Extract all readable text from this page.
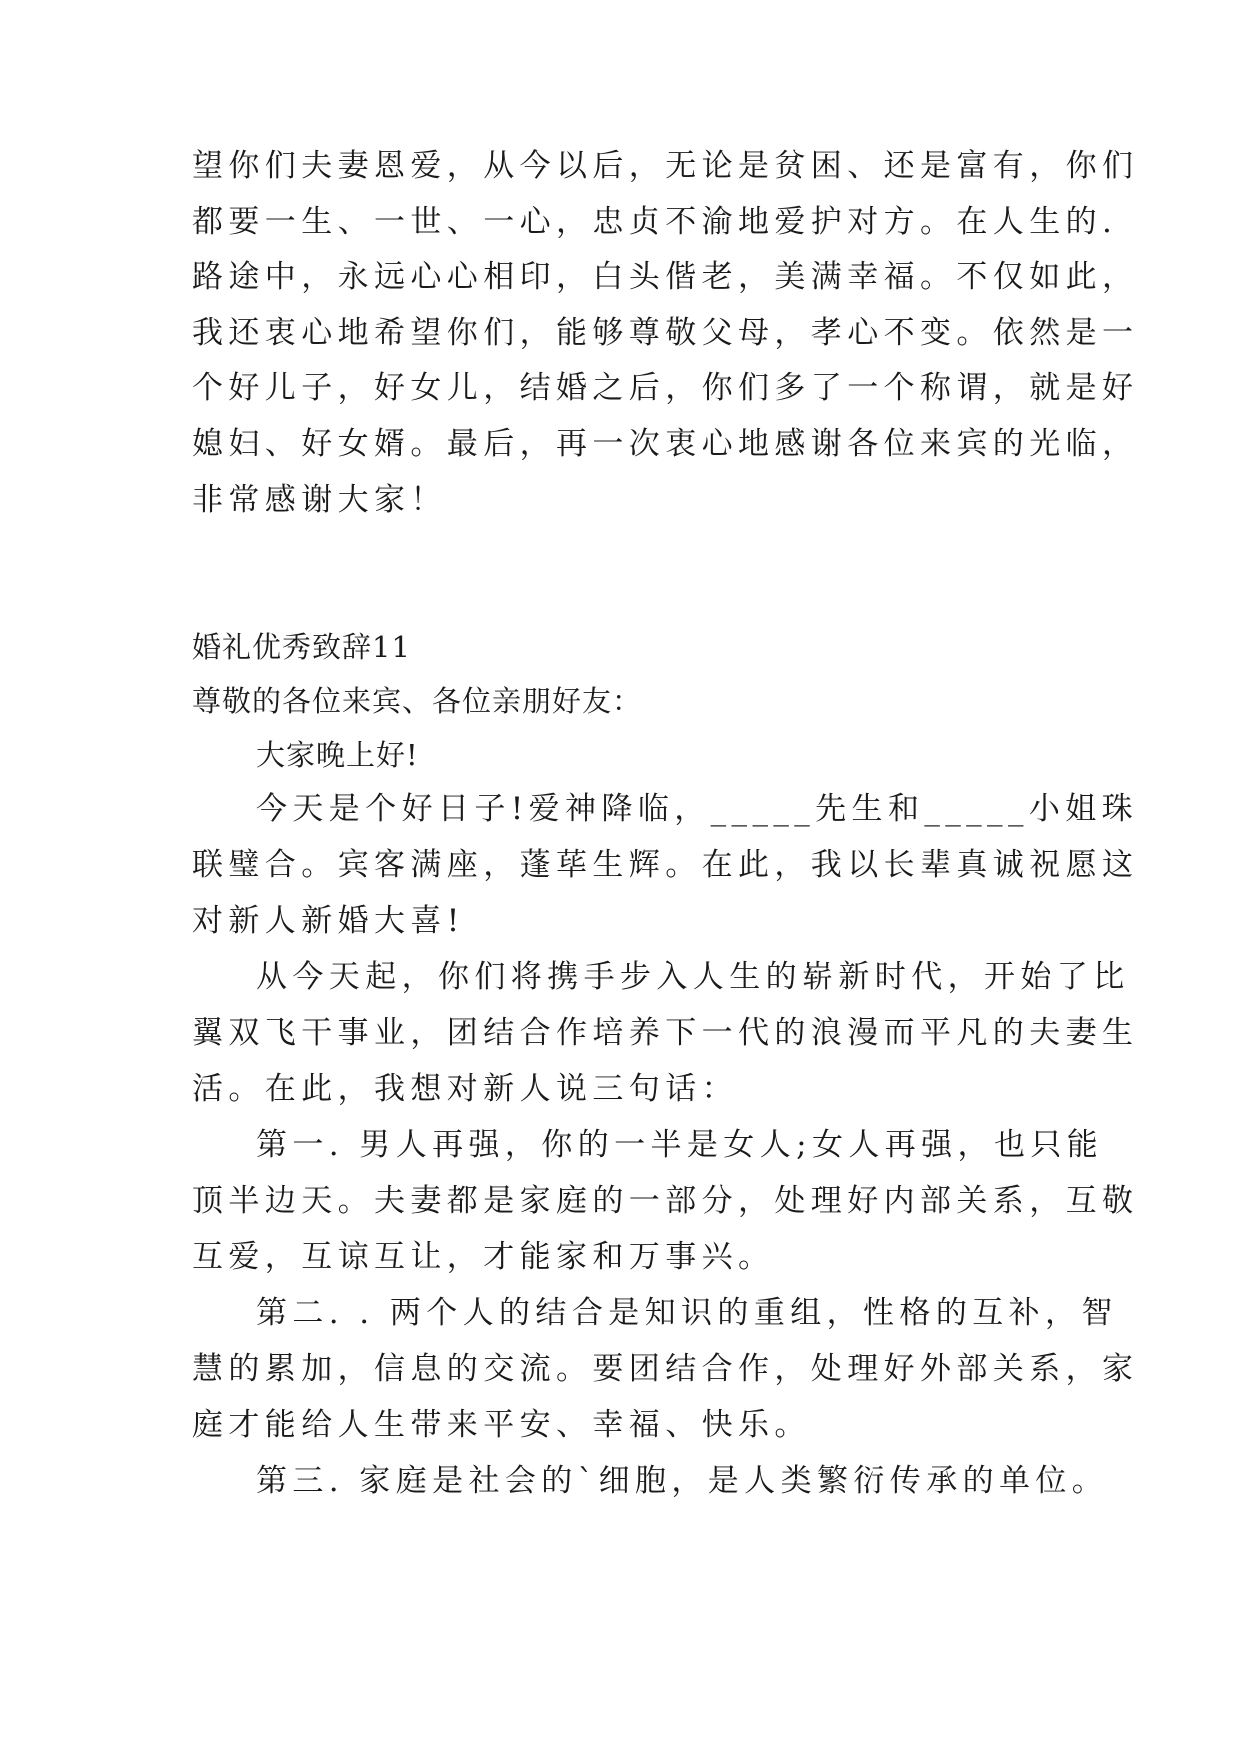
望你们夫妻恩爱，从今以后，无论是贫困、还是富有，你们
都要一生、一世、一心，忠贞不渝地爱护对方。在人生的.
路途中，永远心心相印，白头偕老，美满幸福。不仅如此，
我还衷心地希望你们，能够尊敬父母，孝心不变。依然是一
个好儿子，好女儿，结婚之后，你们多了一个称谓，就是好
媳妇、好女婿。最后，再一次衷心地感谢各位来宾的光临，
非常感谢大家！
婚礼优秀致辞11
尊敬的各位来宾、各位亲朋好友：
大家晚上好!
今天是个好日子!爱神降临，_____先生和_____小姐珠
联璧合。宾客满座，蓬荜生辉。在此，我以长辈真诚祝愿这
对新人新婚大喜!
从今天起，你们将携手步入人生的崭新时代，开始了比
翼双飞干事业，团结合作培养下一代的浪漫而平凡的夫妻生
活。在此，我想对新人说三句话：
第一. 男人再强，你的一半是女人;女人再强，也只能
顶半边天。夫妻都是家庭的一部分，处理好内部关系，互敬
互爱，互谅互让，才能家和万事兴。
第二. . 两个人的结合是知识的重组，性格的互补，智
慧的累加，信息的交流。要团结合作，处理好外部关系，家
庭才能给人生带来平安、幸福、快乐。
第三. 家庭是社会的`细胞，是人类繁衍传承的单位。
